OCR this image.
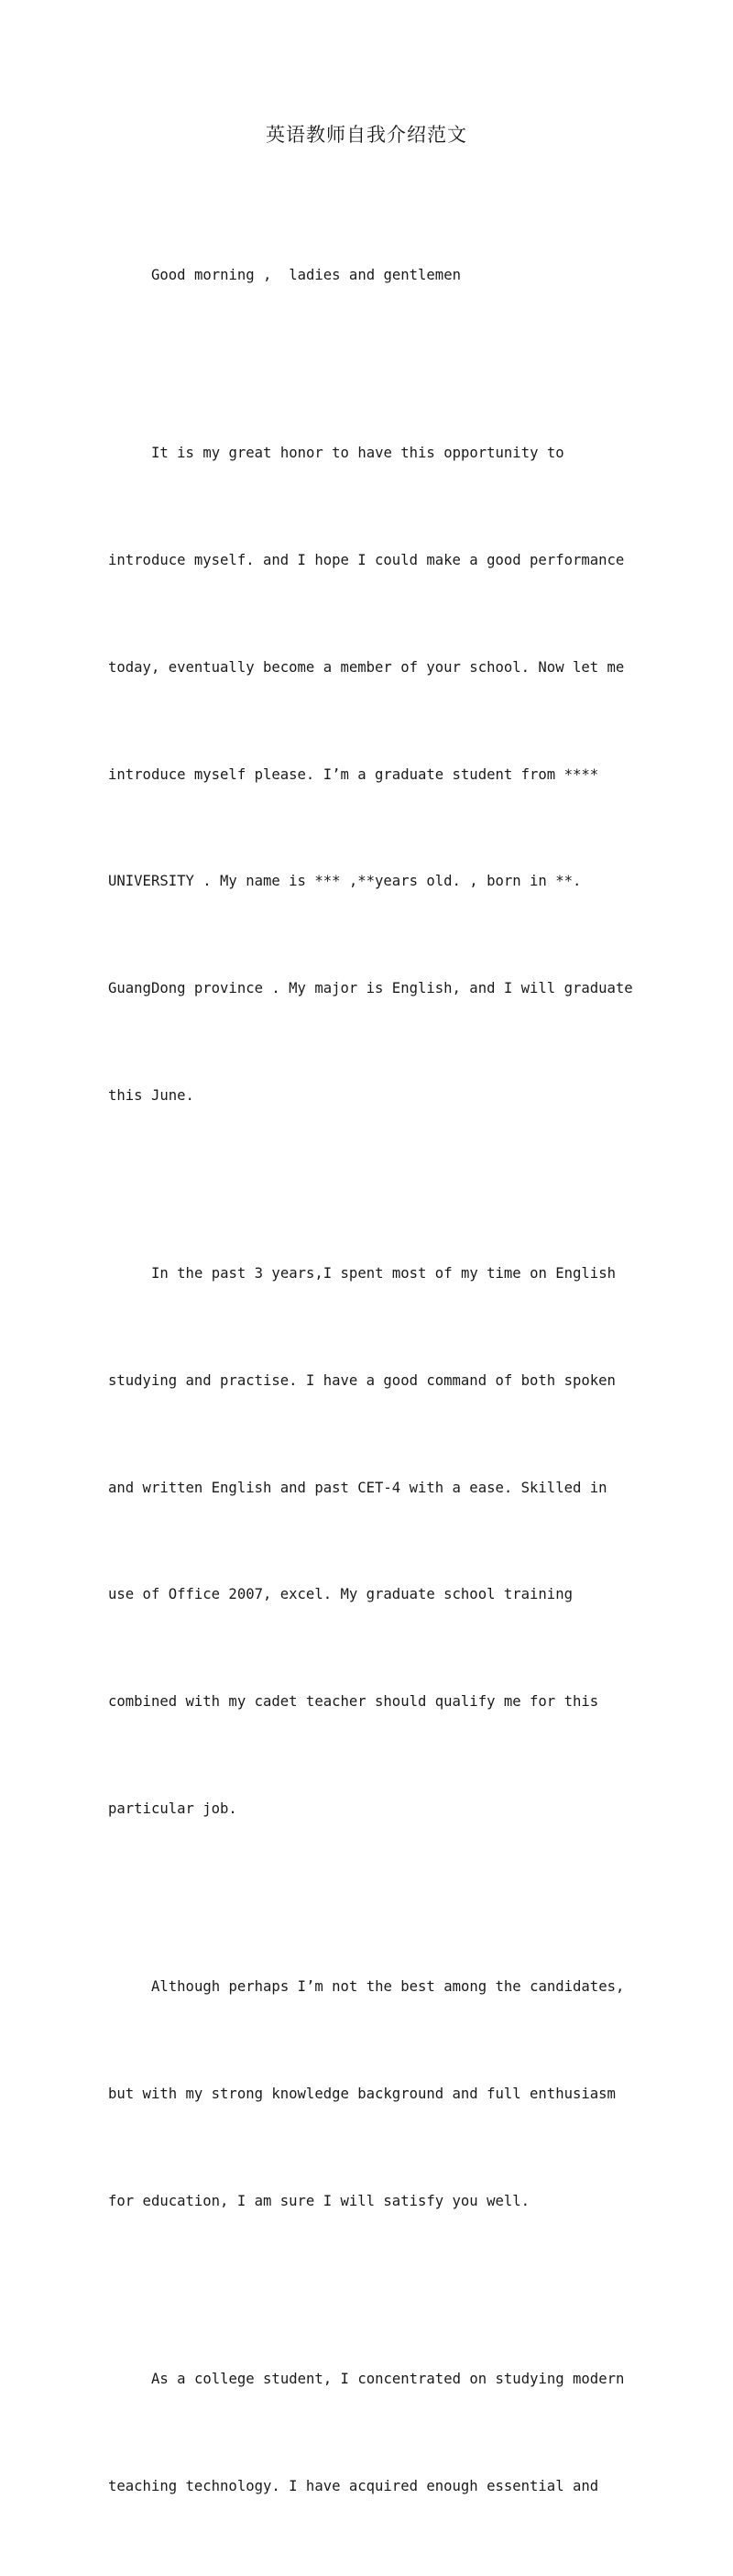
英语教师自我介绍范文

Good morning ,  ladies and gentlemen

It is my great honor to have this opportunity to

introduce myself. and I hope I could make a good performance

today, eventually become a member of your school. Now let me

introduce myself please. I’m a graduate student from ****

UNIVERSITY . My name is *** ,**years old. , born in **.

GuangDong province . My major is English, and I will graduate

this June.

In the past 3 years,I spent most of my time on English

studying and practise. I have a good command of both spoken

and written English and past CET-4 with a ease. Skilled in

use of Office 2007, excel. My graduate school training

combined with my cadet teacher should qualify me for this

particular job.

Although perhaps I’m not the best among the candidates,

but with my strong knowledge background and full enthusiasm

for education, I am sure I will satisfy you well.

As a college student, I concentrated on studying modern

teaching technology. I have acquired enough essential and
